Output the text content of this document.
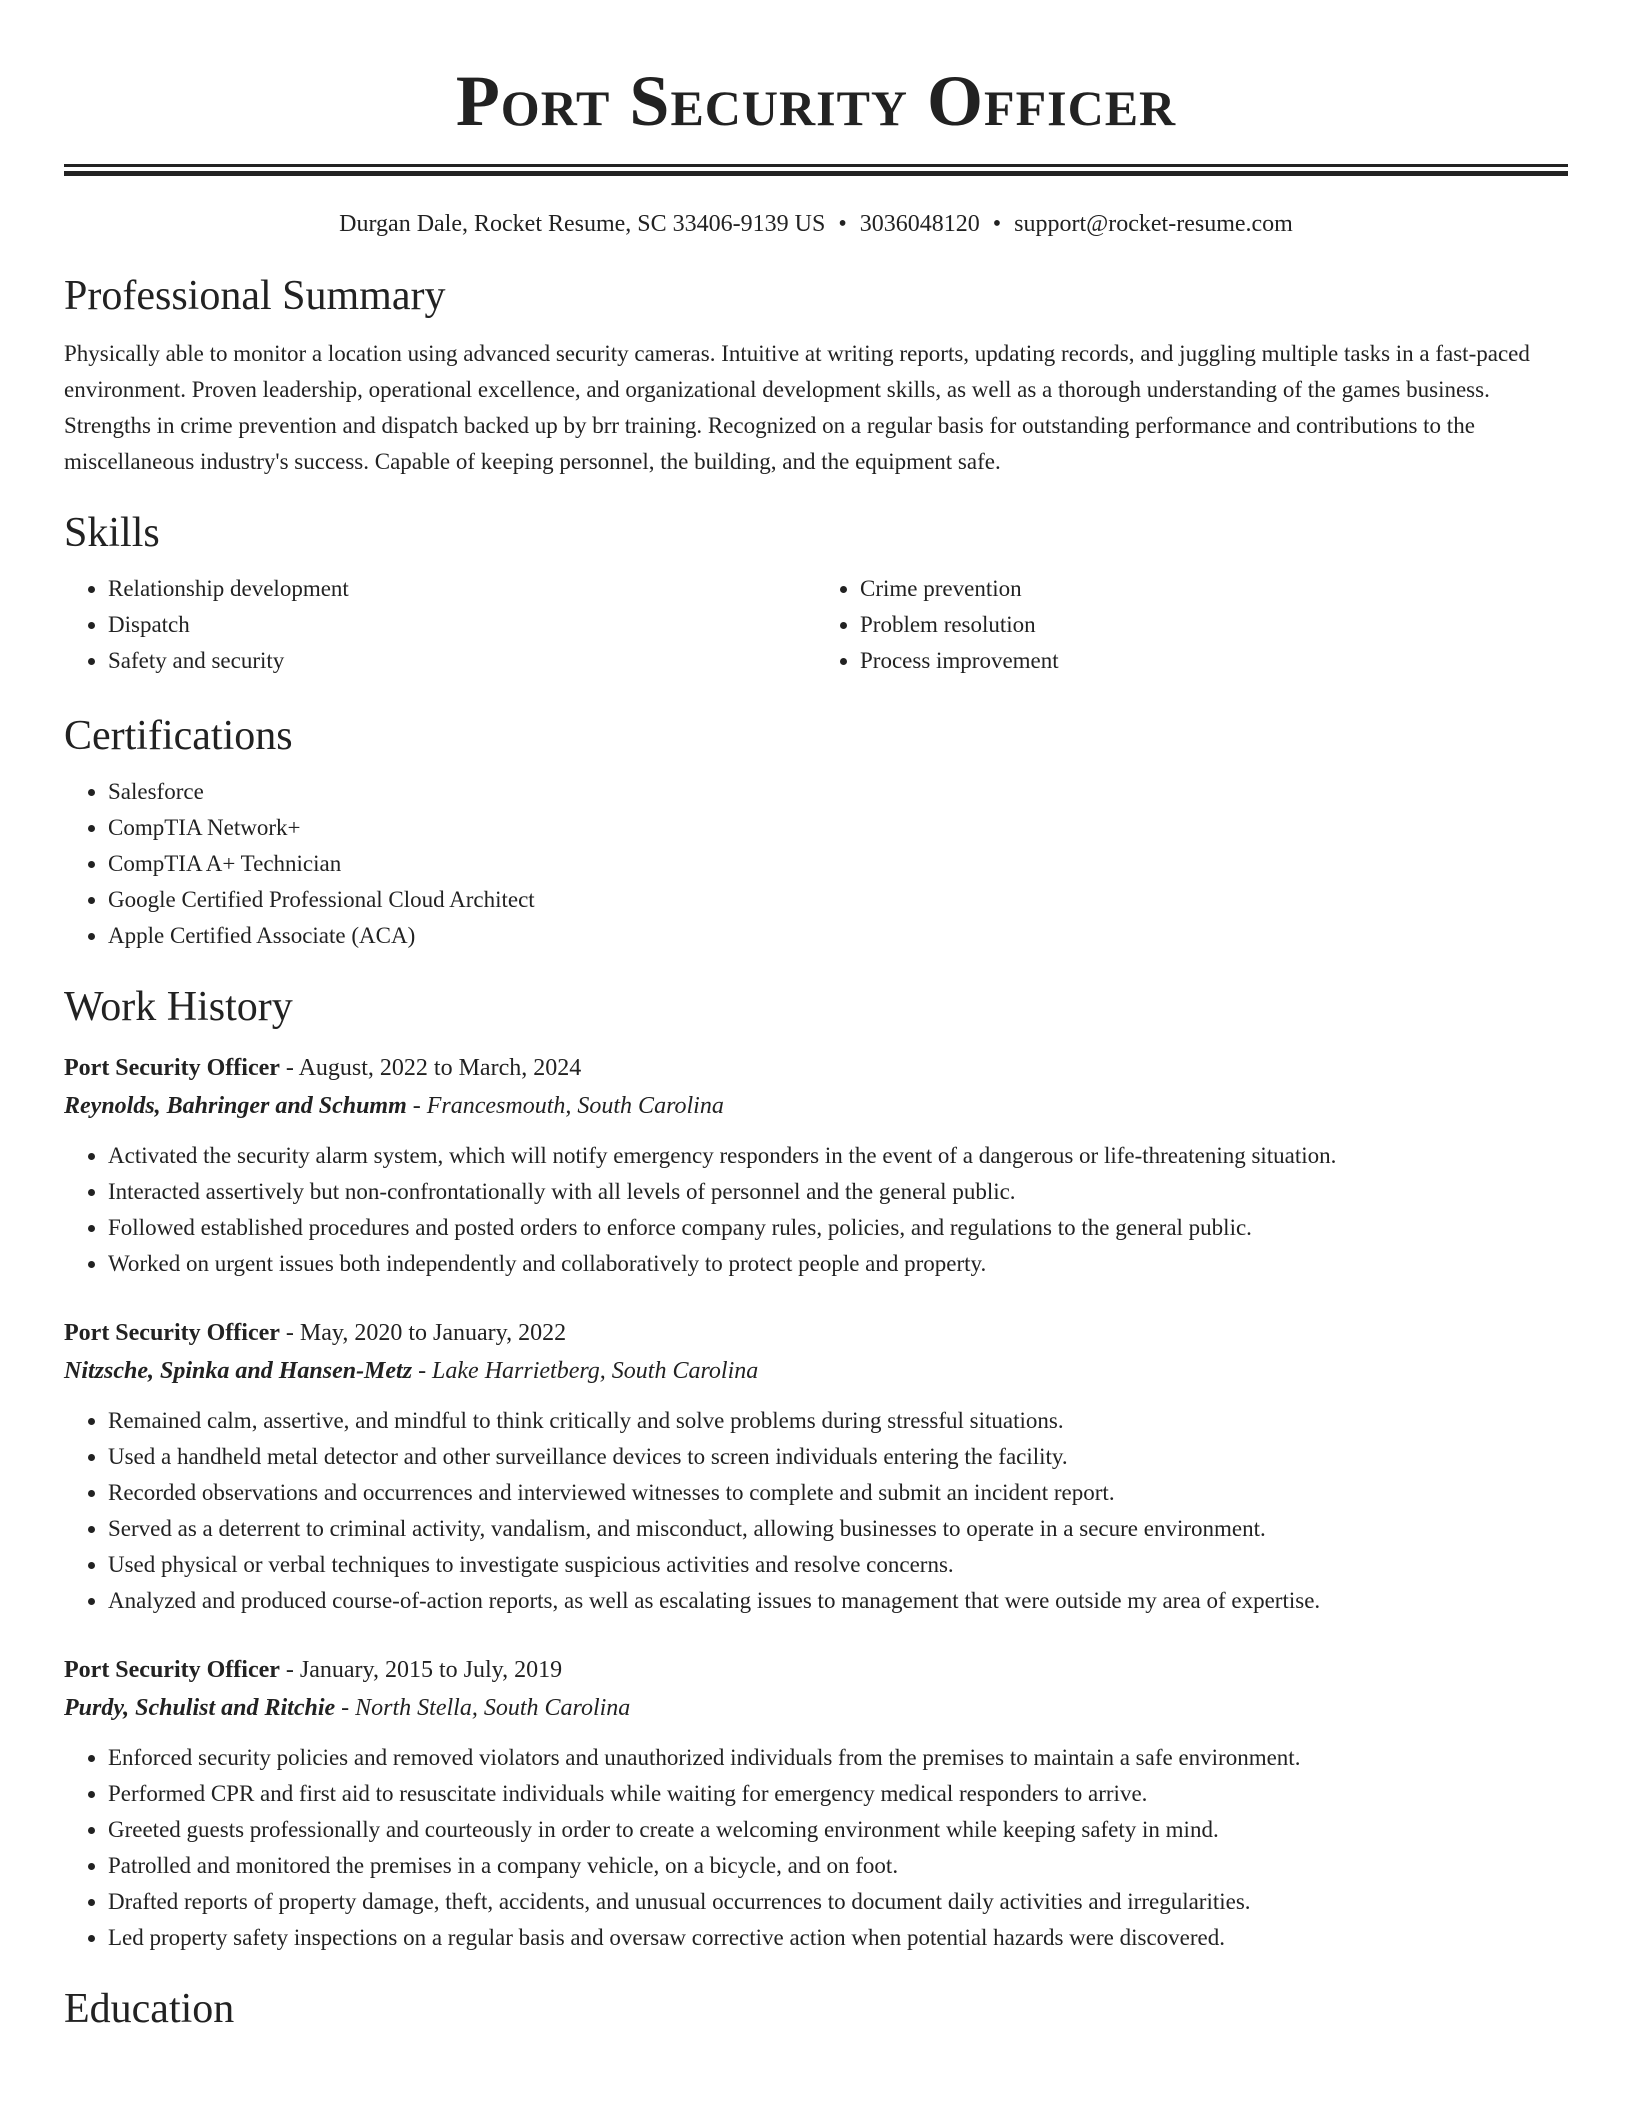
Port Security Officer
Durgan Dale, Rocket Resume, SC 33406-9139 US • 3036048120 • support@rocket-resume.com
Professional Summary

Physically able to monitor a location using advanced security cameras. Intuitive at writing reports, updating records, and juggling multiple tasks in a fast-paced environment. Proven leadership, operational excellence, and organizational development skills, as well as a thorough understanding of the games business. Strengths in crime prevention and dispatch backed up by brr training. Recognized on a regular basis for outstanding performance and contributions to the miscellaneous industry's success. Capable of keeping personnel, the building, and the equipment safe.

Skills
• Relationship development
• Dispatch
• Safety and security
• Crime prevention
• Problem resolution
• Process improvement
Certifications
• Salesforce
• CompTIA Network+
• CompTIA A+ Technician
• Google Certified Professional Cloud Architect
• Apple Certified Associate (ACA)
Work History
Port Security Officer - August, 2022 to March, 2024
Reynolds, Bahringer and Schumm - Francesmouth, South Carolina
• Activated the security alarm system, which will notify emergency responders in the event of a dangerous or life-threatening situation.
• Interacted assertively but non-confrontationally with all levels of personnel and the general public.
• Followed established procedures and posted orders to enforce company rules, policies, and regulations to the general public.
• Worked on urgent issues both independently and collaboratively to protect people and property.
Port Security Officer - May, 2020 to January, 2022
Nitzsche, Spinka and Hansen-Metz - Lake Harrietberg, South Carolina
• Remained calm, assertive, and mindful to think critically and solve problems during stressful situations.
• Used a handheld metal detector and other surveillance devices to screen individuals entering the facility.
• Recorded observations and occurrences and interviewed witnesses to complete and submit an incident report.
• Served as a deterrent to criminal activity, vandalism, and misconduct, allowing businesses to operate in a secure environment.
• Used physical or verbal techniques to investigate suspicious activities and resolve concerns.
• Analyzed and produced course-of-action reports, as well as escalating issues to management that were outside my area of expertise.
Port Security Officer - January, 2015 to July, 2019
Purdy, Schulist and Ritchie - North Stella, South Carolina
• Enforced security policies and removed violators and unauthorized individuals from the premises to maintain a safe environment.
• Performed CPR and first aid to resuscitate individuals while waiting for emergency medical responders to arrive.
• Greeted guests professionally and courteously in order to create a welcoming environment while keeping safety in mind.
• Patrolled and monitored the premises in a company vehicle, on a bicycle, and on foot.
• Drafted reports of property damage, theft, accidents, and unusual occurrences to document daily activities and irregularities.
• Led property safety inspections on a regular basis and oversaw corrective action when potential hazards were discovered.
Education
